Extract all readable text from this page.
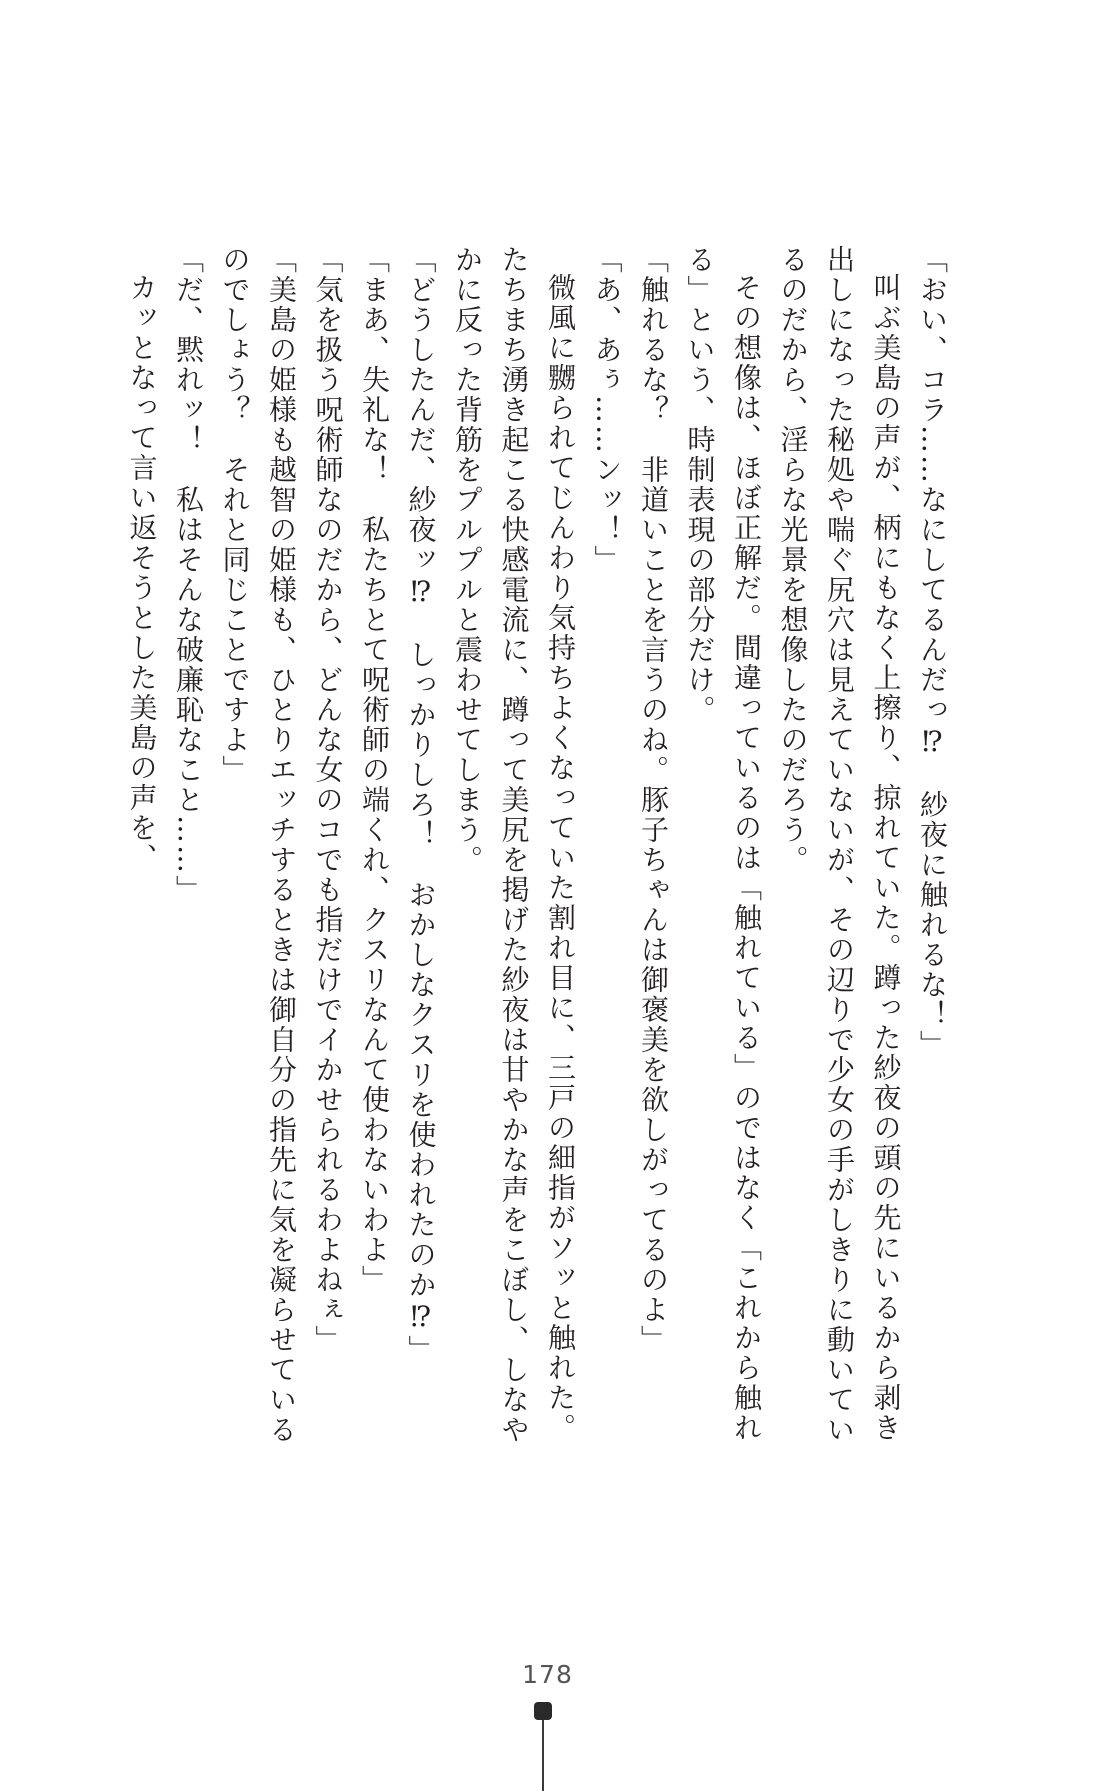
「おい、コラ……なにしてるんだっ⁉　紗夜に触れるな！」

叫ぶ美島の声が、柄にもなく上擦り、掠れていた。蹲った紗夜の頭の先にいるから剥き

出しになった秘処や喘ぐ尻穴は見えていないが、その辺りで少女の手がしきりに動いてい

るのだから、淫らな光景を想像したのだろう。

その想像は、ほぼ正解だ。間違っているのは「触れている」のではなく「これから触れ

る」という、時制表現の部分だけ。

「触れるな？　非道いことを言うのね。豚子ちゃんは御褒美を欲しがってるのよ」

「あ、あぅ……ンッ！」

微風に嬲られてじんわり気持ちよくなっていた割れ目に、三戸の細指がソッと触れた。

たちまち湧き起こる快感電流に、蹲って美尻を掲げた紗夜は甘やかな声をこぼし、しなや

かに反った背筋をプルプルと震わせてしまう。

「どうしたんだ、紗夜ッ⁉　しっかりしろ！　おかしなクスリを使われたのか⁉」

「まあ、失礼な！　私たちとて呪術師の端くれ、クスリなんて使わないわよ」

「気を扱う呪術師なのだから、どんな女のコでも指だけでイかせられるわよねぇ」

「美島の姫様も越智の姫様も、ひとりエッチするときは御自分の指先に気を凝らせている

のでしょう？　それと同じことですよ」

「だ、黙れッ！　私はそんな破廉恥なこと……」

カッとなって言い返そうとした美島の声を、

178
